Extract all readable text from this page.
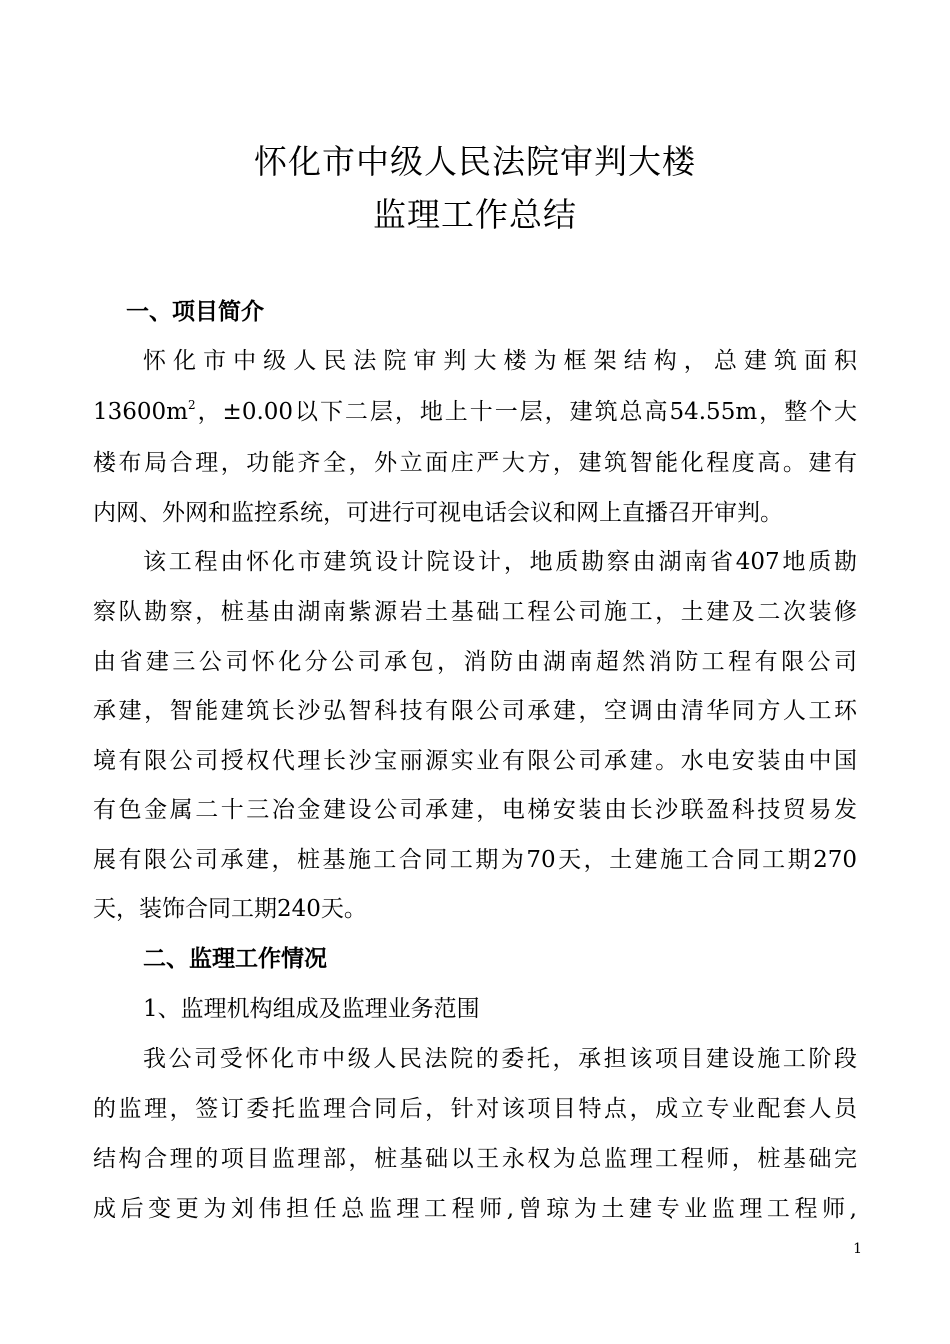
怀化市中级人民法院审判大楼
监理工作总结
一、项目简介
怀化市中级人民法院审判大楼为框架结构，总建筑面积
$13600m^2$，±0.00以下二层，地上十一层，建筑总高54.55m，整个大
楼布局合理，功能齐全，外立面庄严大方，建筑智能化程度高。建有
内网、外网和监控系统，可进行可视电话会议和网上直播召开审判。
该工程由怀化市建筑设计院设计，地质勘察由湖南省407地质勘
察队勘察，桩基由湖南紫源岩土基础工程公司施工，土建及二次装修
由省建三公司怀化分公司承包，消防由湖南超然消防工程有限公司
承建，智能建筑长沙弘智科技有限公司承建，空调由清华同方人工环
境有限公司授权代理长沙宝丽源实业有限公司承建。水电安装由中国
有色金属二十三冶金建设公司承建，电梯安装由长沙联盈科技贸易发
展有限公司承建，桩基施工合同工期为70天，土建施工合同工期270
天，装饰合同工期240天。
二、监理工作情况
1、监理机构组成及监理业务范围
我公司受怀化市中级人民法院的委托，承担该项目建设施工阶段
的监理，签订委托监理合同后，针对该项目特点，成立专业配套人员
结构合理的项目监理部，桩基础以王永权为总监理工程师，桩基础完
成后变更为刘伟担任总监理工程师,曾琼为土建专业监理工程师,
1
